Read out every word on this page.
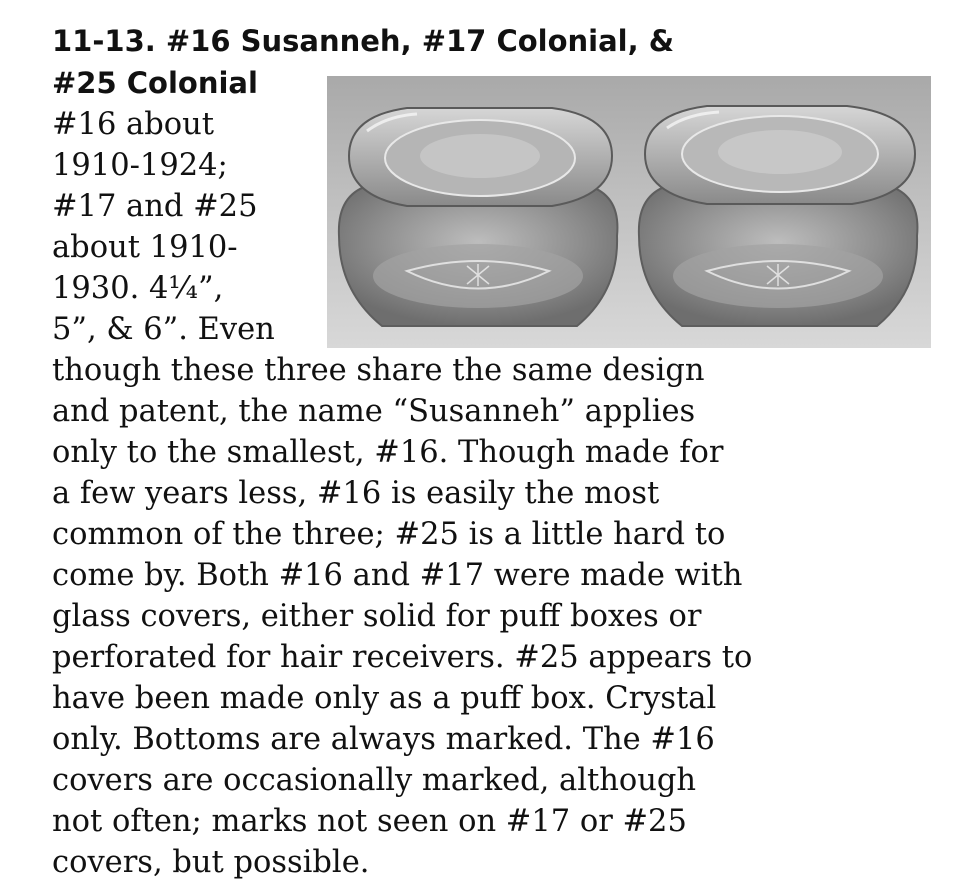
11-13. #16 Susanneh, #17 Colonial, &
#25 Colonial
#16 about
1910-1924;
#17 and #25
about 1910-
1930. 4¼”,
5”, & 6”. Even
though these three share the same design
and patent, the name “Susanneh” applies
only to the smallest, #16. Though made for
a few years less, #16 is easily the most
common of the three; #25 is a little hard to
come by. Both #16 and #17 were made with
glass covers, either solid for puff boxes or
perforated for hair receivers. #25 appears to
have been made only as a puff box. Crystal
only. Bottoms are always marked. The #16
covers are occasionally marked, although
not often; marks not seen on #17 or #25
covers, but possible.
